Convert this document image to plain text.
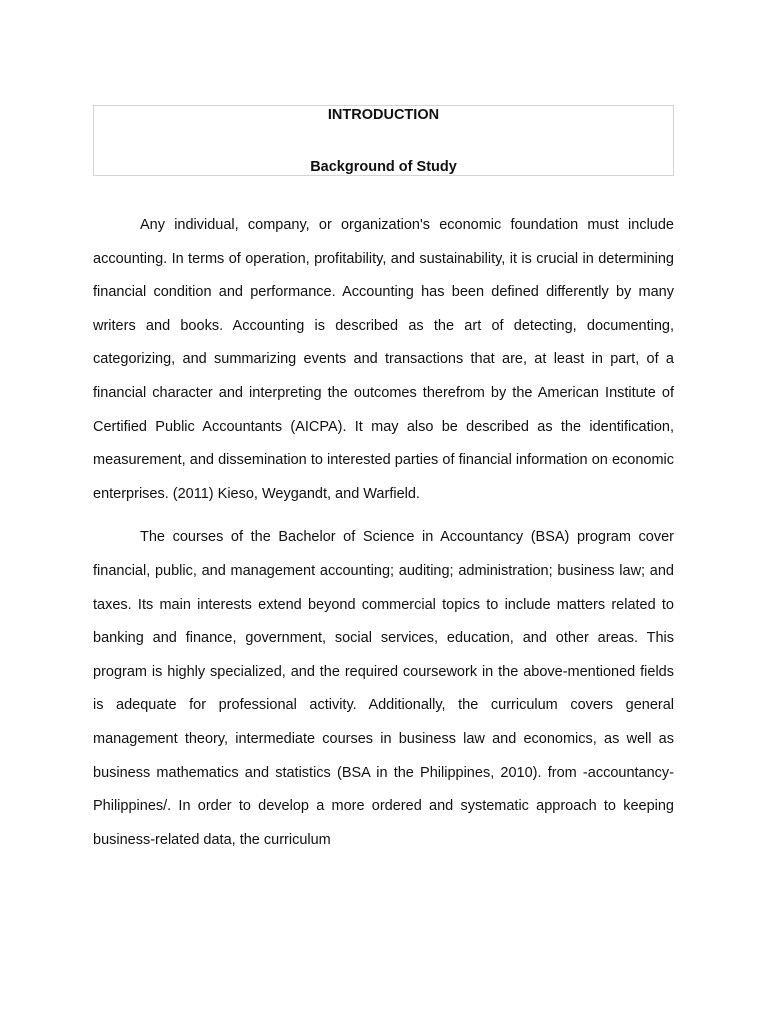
INTRODUCTION
Background of Study

Any individual, company, or organization's economic foundation must include accounting. In terms of operation, profitability, and sustainability, it is crucial in determining financial condition and performance. Accounting has been defined differently by many writers and books. Accounting is described as the art of detecting, documenting, categorizing, and summarizing events and transactions that are, at least in part, of a financial character and interpreting the outcomes therefrom by the American Institute of Certified Public Accountants (AICPA). It may also be described as the identification, measurement, and dissemination to interested parties of financial information on economic enterprises. (2011) Kieso, Weygandt, and Warfield.

The courses of the Bachelor of Science in Accountancy (BSA) program cover financial, public, and management accounting; auditing; administration; business law; and taxes. Its main interests extend beyond commercial topics to include matters related to banking and finance, government, social services, education, and other areas. This program is highly specialized, and the required coursework in the above-mentioned fields is adequate for professional activity. Additionally, the curriculum covers general management theory, intermediate courses in business law and economics, as well as business mathematics and statistics (BSA in the Philippines, 2010). from -accountancy-Philippines/. In order to develop a more ordered and systematic approach to keeping business-related data, the curriculum
